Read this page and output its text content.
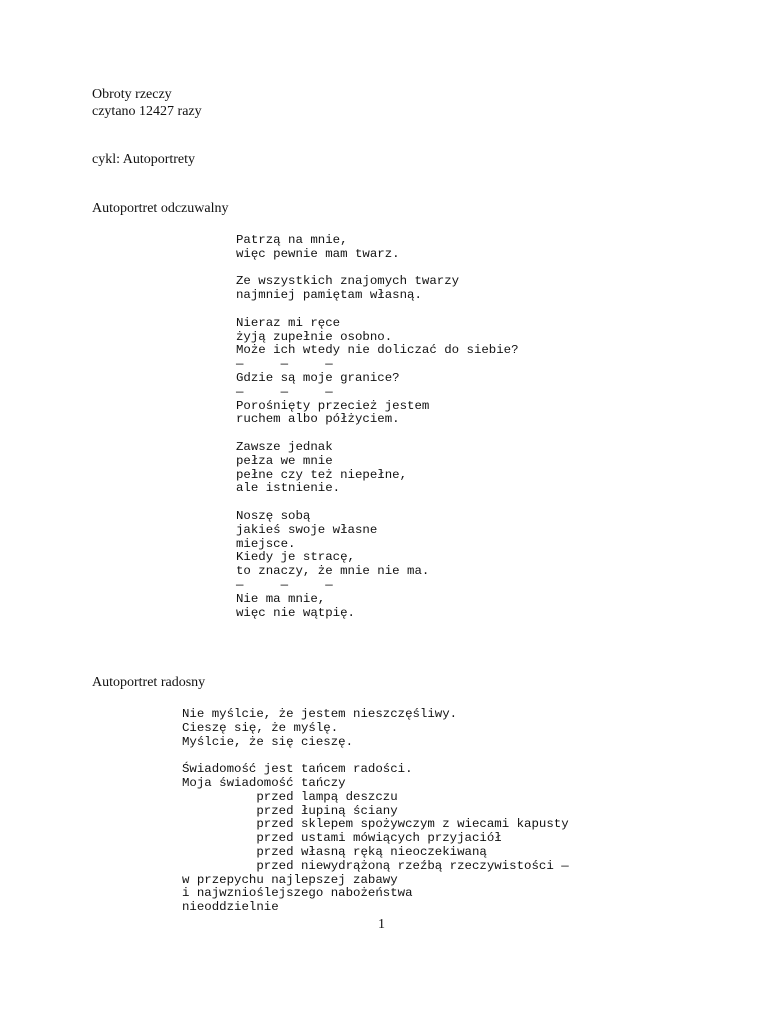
Obroty rzeczy
czytano 12427 razy
cykl: Autoportrety
Autoportret odczuwalny
Patrzą na mnie,
więc pewnie mam twarz.
Ze wszystkich znajomych twarzy
najmniej pamiętam własną.
Nieraz mi ręce
żyją zupełnie osobno.
Może ich wtedy nie doliczać do siebie?
—     —     —
Gdzie są moje granice?
—     —     —
Porośnięty przecież jestem
ruchem albo półżyciem.
Zawsze jednak
pełza we mnie
pełne czy też niepełne,
ale istnienie.
Noszę sobą
jakieś swoje własne
miejsce.
Kiedy je stracę,
to znaczy, że mnie nie ma.
—     —     —
Nie ma mnie,
więc nie wątpię.
Autoportret radosny
Nie myślcie, że jestem nieszczęśliwy.
Cieszę się, że myślę.
Myślcie, że się cieszę.
Świadomość jest tańcem radości.
Moja świadomość tańczy
przed lampą deszczu
przed łupiną ściany
przed sklepem spożywczym z wiecami kapusty
przed ustami mówiących przyjaciół
przed własną ręką nieoczekiwaną
przed niewydrążoną rzeźbą rzeczywistości —
w przepychu najlepszej zabawy
i najwznioślejszego nabożeństwa
nieoddzielnie
1
